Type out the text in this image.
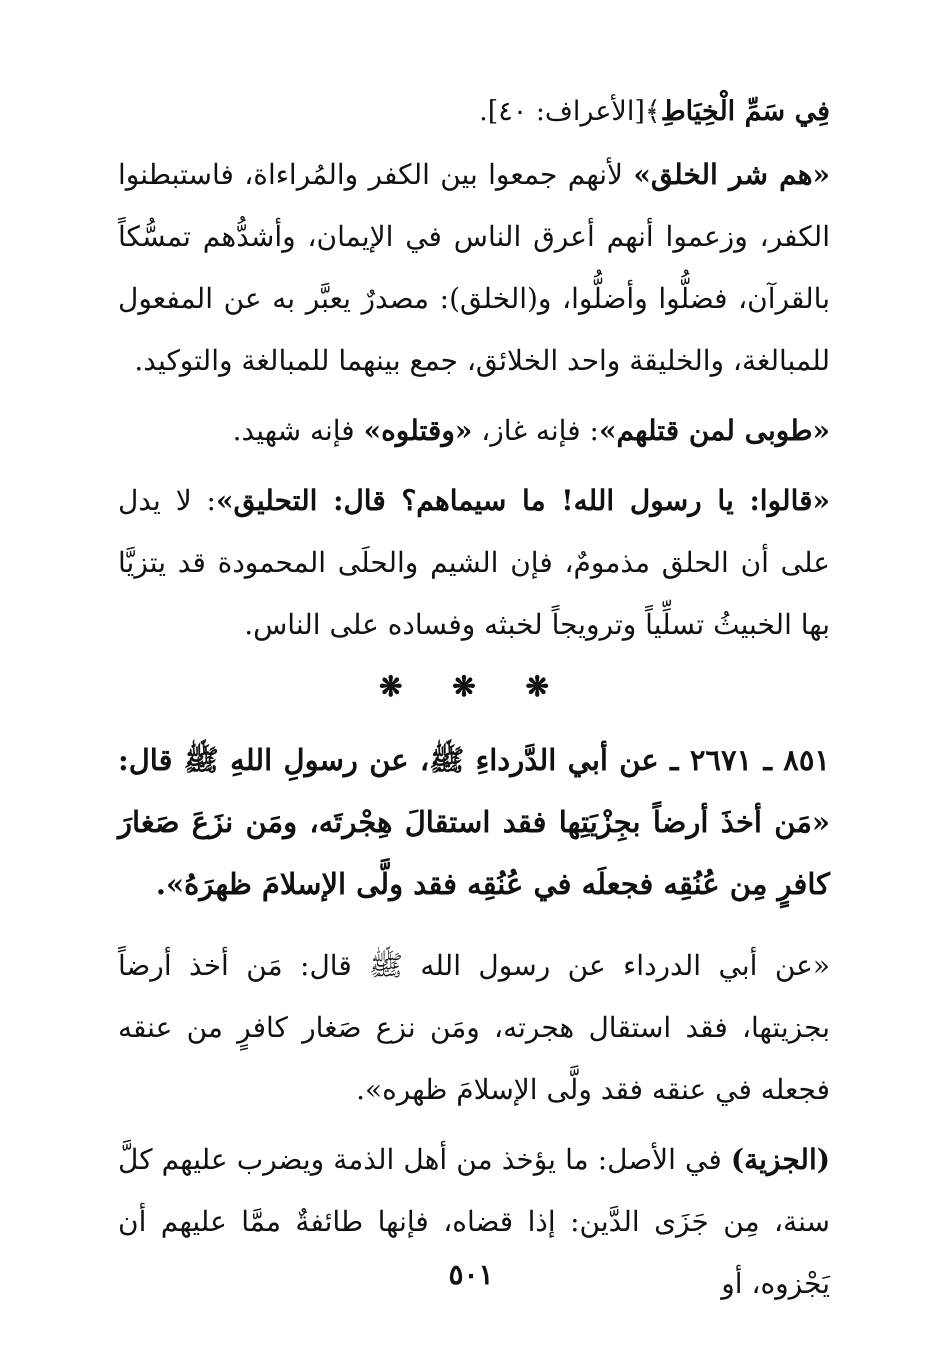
فِي سَمِّ الْخِيَاطِ﴾[الأعراف: ٤٠].

«هم شر الخلق» لأنهم جمعوا بين الكفر والمُراءاة، فاستبطنوا الكفر، وزعموا أنهم أعرق الناس في الإيمان، وأشدُّهم تمسُّكاً بالقرآن، فضلُّوا وأضلُّوا، و(الخلق): مصدرٌ يعبَّر به عن المفعول للمبالغة، والخليقة واحد الخلائق، جمع بينهما للمبالغة والتوكيد.

«طوبى لمن قتلهم»: فإنه غاز، «وقتلوه» فإنه شهيد.

«قالوا: يا رسول الله! ما سيماهم؟ قال: التحليق»: لا يدل على أن الحلق مذمومٌ، فإن الشيم والحلَى المحمودة قد يتزيَّا بها الخبيثُ تسلِّياً وترويجاً لخبثه وفساده على الناس.

❋ ❋ ❋

٨٥١ ـ ٢٦٧١ ـ عن أبي الدَّرداءِ ﷺ، عن رسولِ اللهِ ﷺ قال: «مَن أخذَ أرضاً بجِزْيَتِها فقد استقالَ هِجْرتَه، ومَن نزَعَ صَغارَ كافرٍ مِن عُنُقِه فجعلَه في عُنُقِه فقد ولَّى الإسلامَ ظهرَهُ».

«عن أبي الدرداء عن رسول الله ﷺ قال: مَن أخذ أرضاً بجزيتها، فقد استقال هجرته، ومَن نزع صَغار كافرٍ من عنقه فجعله في عنقه فقد ولَّى الإسلامَ ظهره».

(الجزية) في الأصل: ما يؤخذ من أهل الذمة ويضرب عليهم كلَّ سنة، مِن جَزَى الدَّين: إذا قضاه، فإنها طائفةٌ ممَّا عليهم أن يَجْزوه، أو

٥٠١
